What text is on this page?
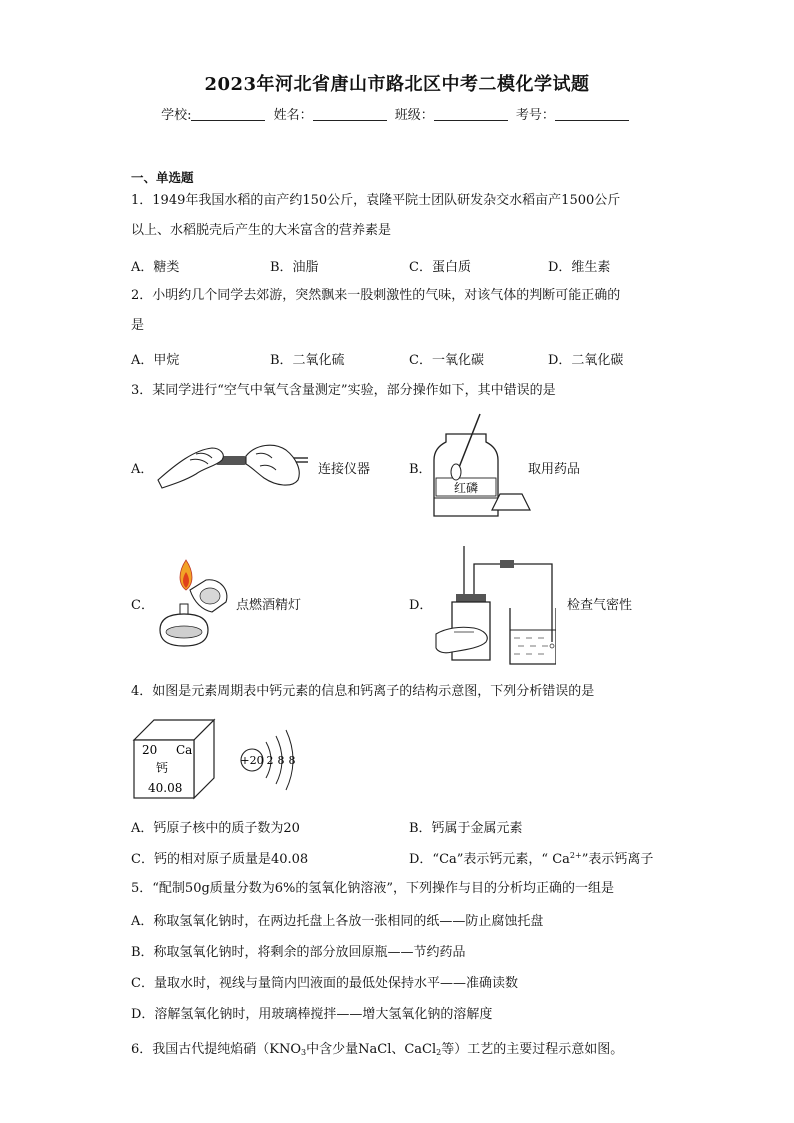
2023年河北省唐山市路北区中考二模化学试题
学校:	姓名：	班级：	考号：
一、单选题
1．1949年我国水稻的亩产约150公斤，袁隆平院士团队研发杂交水稻亩产1500公斤
以上、水稻脱壳后产生的大米富含的营养素是
A．糖类	B．油脂	C．蛋白质	D．维生素
2．小明约几个同学去郊游，突然飘来一股刺激性的气味，对该气体的判断可能正确的
是
A．甲烷	B．二氧化硫	C．一氧化碳	D．二氧化碳
3．某同学进行“空气中氧气含量测定”实验，部分操作如下，其中错误的是
A．	连接仪器	B．
红磷
取用药品
C．	点燃酒精灯	D．	检查气密性
4．如图是元素周期表中钙元素的信息和钙离子的结构示意图，下列分析错误的是
20 Ca
钙
40.08
+20 2 8 8
A．钙原子核中的质子数为20	B．钙属于金属元素
C．钙的相对原子质量是40.08	D．“Ca”表示钙元素，“ $Ca^{2+}$”表示钙离子
5．“配制50g质量分数为6%的氢氧化钠溶液”，下列操作与目的分析均正确的一组是
A．称取氢氧化钠时，在两边托盘上各放一张相同的纸——防止腐蚀托盘
B．称取氢氧化钠时，将剩余的部分放回原瓶——节约药品
C．量取水时，视线与量筒内凹液面的最低处保持水平——准确读数
D．溶解氢氧化钠时，用玻璃棒搅拌——增大氢氧化钠的溶解度
6．我国古代提纯焰硝（$KNO_3$中含少量NaCl、CaCl$_2$等）工艺的主要过程示意如图。
